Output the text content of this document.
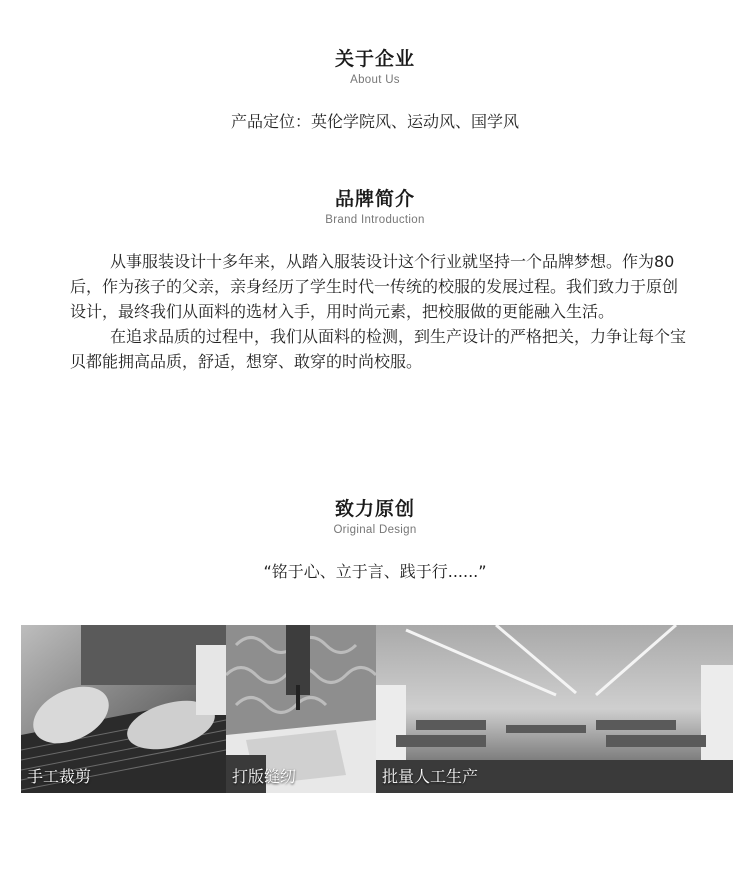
关于企业
About Us
产品定位：英伦学院风、运动风、国学风
品牌简介
Brand Introduction

从事服装设计十多年来，从踏入服装设计这个行业就坚持一个品牌梦想。作为80后，作为孩子的父亲，亲身经历了学生时代一传统的校服的发展过程。我们致力于原创设计，最终我们从面料的选材入手，用时尚元素，把校服做的更能融入生活。

在追求品质的过程中，我们从面料的检测，到生产设计的严格把关，力争让每个宝贝都能拥高品质，舒适，想穿、敢穿的时尚校服。

致力原创
Original Design
“铭于心、立于言、践于行......”
手工裁剪	打版缝纫	批量人工生产
